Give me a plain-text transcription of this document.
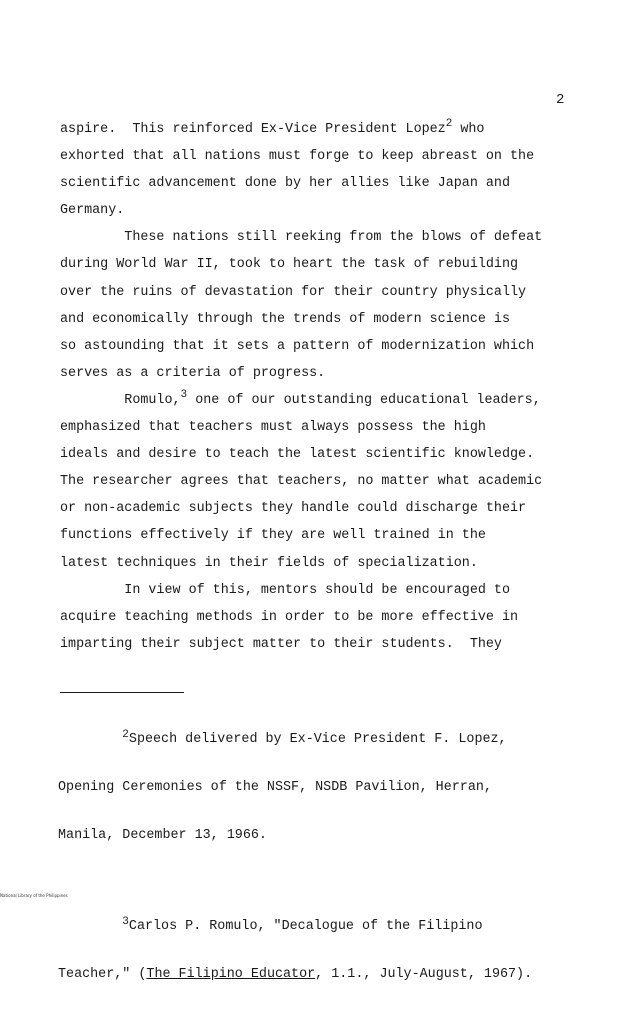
2
aspire.  This reinforced Ex-Vice President Lopez$^2$ who
exhorted that all nations must forge to keep abreast on the
scientific advancement done by her allies like Japan and
Germany.
These nations still reeking from the blows of defeat
during World War II, took to heart the task of rebuilding
over the ruins of devastation for their country physically
and economically through the trends of modern science is
so astounding that it sets a pattern of modernization which
serves as a criteria of progress.
Romulo,$^3$ one of our outstanding educational leaders,
emphasized that teachers must always possess the high
ideals and desire to teach the latest scientific knowledge.
The researcher agrees that teachers, no matter what academic
or non-academic subjects they handle could discharge their
functions effectively if they are well trained in the
latest techniques in their fields of specialization.
In view of this, mentors should be encouraged to
acquire teaching methods in order to be more effective in
imparting their subject matter to their students.  They

$^2$Speech delivered by Ex-Vice President F. Lopez,

Opening Ceremonies of the NSSF, NSDB Pavilion, Herran,

Manila, December 13, 1966.

$^3$Carlos P. Romulo, "Decalogue of the Filipino

Teacher," (The Filipino Educator, 1.1., July-August, 1967).

National Library of the Philippines
